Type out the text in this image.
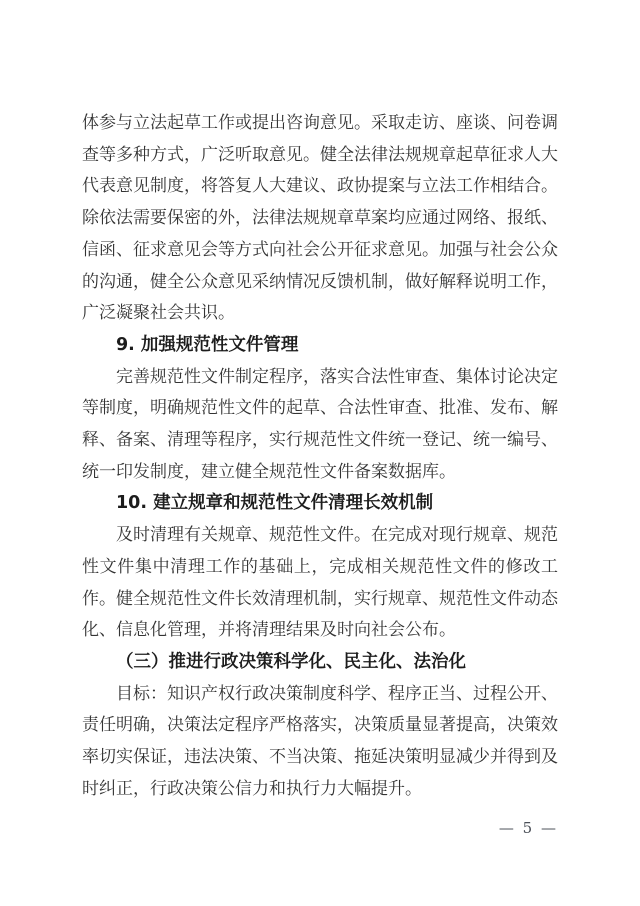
体参与立法起草工作或提出咨询意见。采取走访、座谈、问卷调
查等多种方式，广泛听取意见。健全法律法规规章起草征求人大
代表意见制度，将答复人大建议、政协提案与立法工作相结合。
除依法需要保密的外，法律法规规章草案均应通过网络、报纸、
信函、征求意见会等方式向社会公开征求意见。加强与社会公众
的沟通，健全公众意见采纳情况反馈机制，做好解释说明工作，
广泛凝聚社会共识。
9. 加强规范性文件管理
完善规范性文件制定程序，落实合法性审查、集体讨论决定
等制度，明确规范性文件的起草、合法性审查、批准、发布、解
释、备案、清理等程序，实行规范性文件统一登记、统一编号、
统一印发制度，建立健全规范性文件备案数据库。
10. 建立规章和规范性文件清理长效机制
及时清理有关规章、规范性文件。在完成对现行规章、规范
性文件集中清理工作的基础上，完成相关规范性文件的修改工
作。健全规范性文件长效清理机制，实行规章、规范性文件动态
化、信息化管理，并将清理结果及时向社会公布。
（三）推进行政决策科学化、民主化、法治化
目标：知识产权行政决策制度科学、程序正当、过程公开、
责任明确，决策法定程序严格落实，决策质量显著提高，决策效
率切实保证，违法决策、不当决策、拖延决策明显减少并得到及
时纠正，行政决策公信力和执行力大幅提升。
— 5 —
